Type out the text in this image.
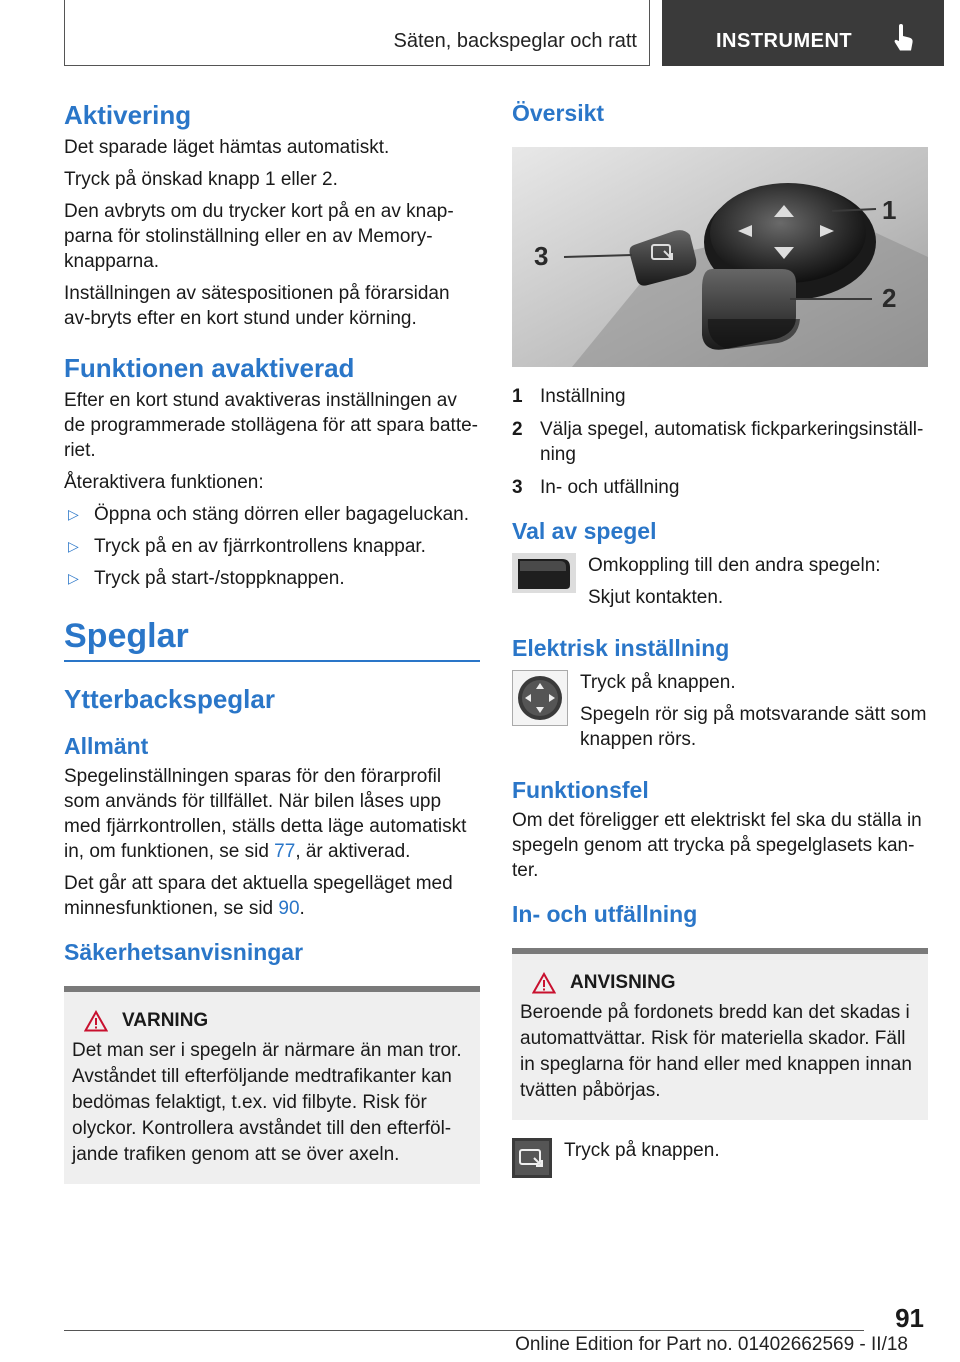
Säten, backspeglar och ratt	INSTRUMENT
Aktivering

Det sparade läget hämtas automatiskt.

Tryck på önskad knapp 1 eller 2.

Den avbryts om du trycker kort på en av knap‐parna för stolinställning eller en av Memory-knapparna.

Inställningen av sätespositionen på förarsidan av‐bryts efter en kort stund under körning.

Funktionen avaktiverad

Efter en kort stund avaktiveras inställningen av de programmerade stollägena för att spara batte‐riet.

Återaktivera funktionen:

▷ Öppna och stäng dörren eller bagageluckan.
▷ Tryck på en av fjärrkontrollens knappar.
▷ Tryck på start-/stoppknappen.
Speglar
Ytterbackspeglar
Allmänt

Spegelinställningen sparas för den förarprofil som används för tillfället. När bilen låses upp med fjärrkontrollen, ställs detta läge automatiskt in, om funktionen, se sid 77, är aktiverad.

Det går att spara det aktuella spegelläget med minnesfunktionen, se sid 90.

Säkerhetsanvisningar
VARNING

Det man ser i spegeln är närmare än man tror. Avståndet till efterföljande medtrafikanter kan bedömas felaktigt, t.ex. vid filbyte. Risk för olyckor. Kontrollera avståndet till den efterföl‐jande trafiken genom att se över axeln.

Översikt
1
2
3
1 Inställning
2 Välja spegel, automatisk fickparkeringsinställ‐ning
3 In- och utfällning
Val av spegel

Omkoppling till den andra spegeln:

Skjut kontakten.

Elektrisk inställning

Tryck på knappen.

Spegeln rör sig på motsvarande sätt som knappen rörs.

Funktionsfel

Om det föreligger ett elektriskt fel ska du ställa in spegeln genom att trycka på spegelglasets kan‐ter.

In- och utfällning
ANVISNING

Beroende på fordonets bredd kan det skadas i automattvättar. Risk för materiella skador. Fäll in speglarna för hand eller med knappen innan tvätten påbörjas.

Tryck på knappen.

91
Online Edition for Part no. 01402662569 - II/18
